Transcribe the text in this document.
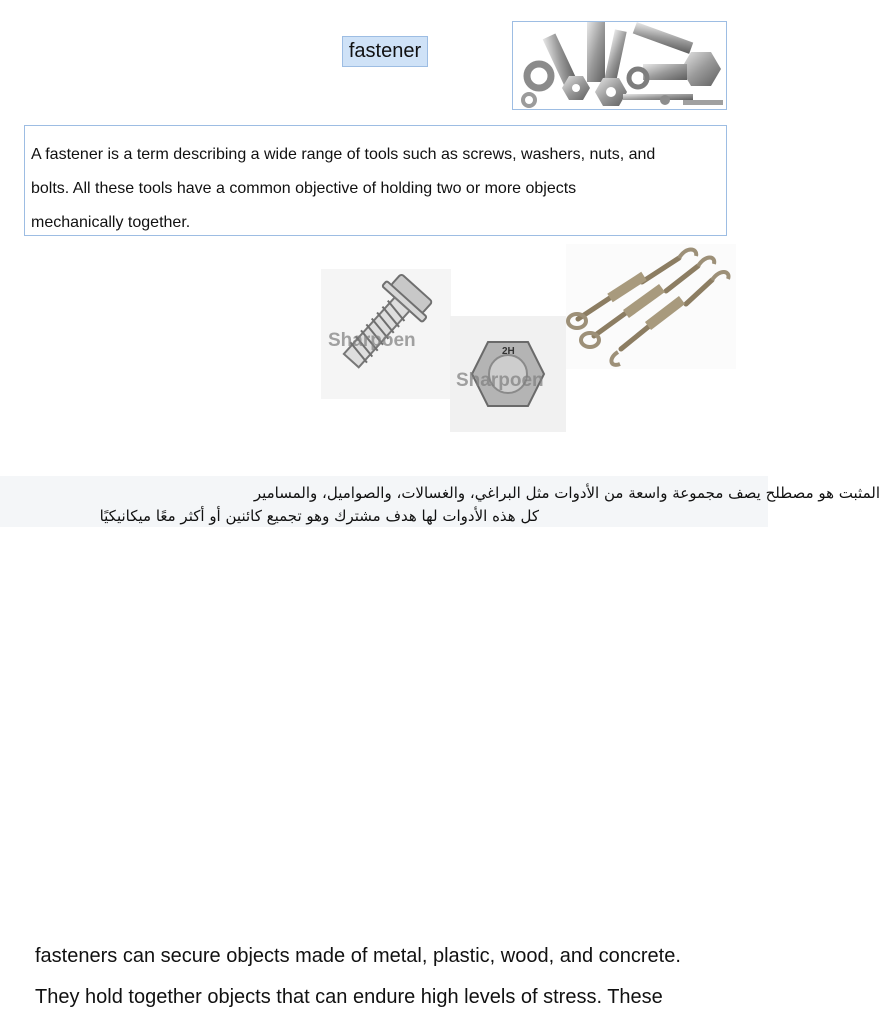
fastener

A fastener is a term describing a wide range of tools such as screws, washers, nuts, and

bolts. All these tools have a common objective of holding two or more objects

mechanically together.

Sharpoen
2H
Sharpoen
المثبت هو مصطلح يصف مجموعة واسعة من الأدوات مثل البراغي، والغسالات، والصواميل، والمسامير
كل هذه الأدوات لها هدف مشترك وهو تجميع كائنين أو أكثر معًا ميكانيكيًا

fasteners can secure objects made of metal, plastic, wood, and concrete.

They hold together objects that can endure high levels of stress. These
